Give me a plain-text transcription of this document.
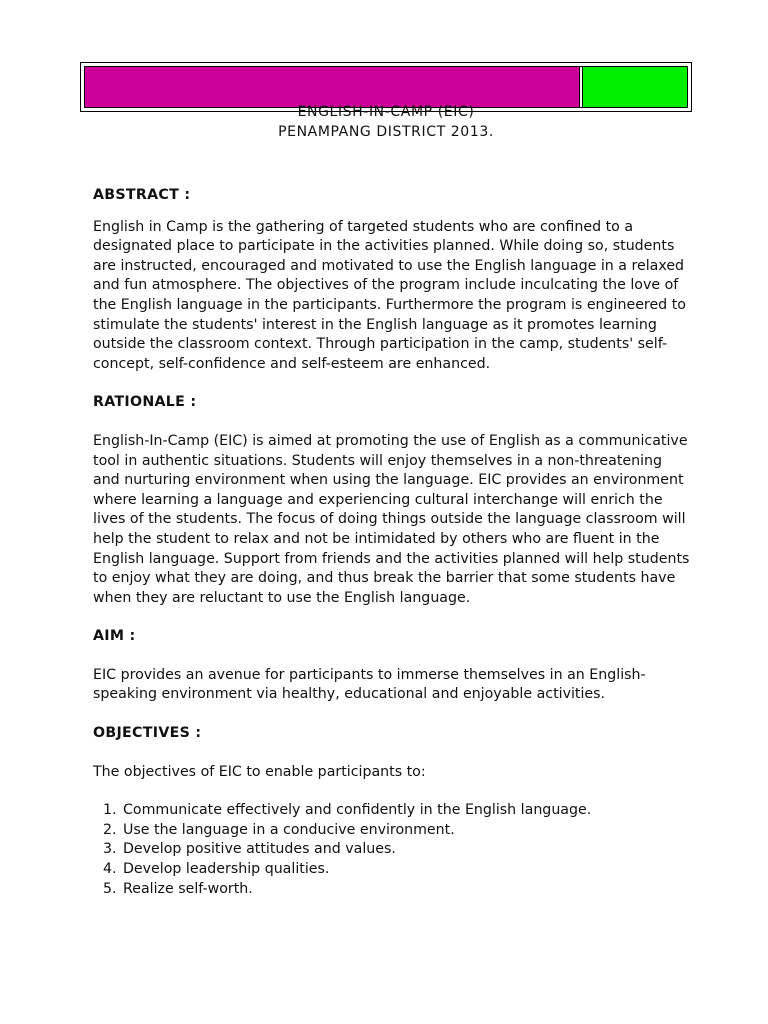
ENGLISH-IN-CAMP (EIC)
PENAMPANG DISTRICT 2013.

ABSTRACT :

English in Camp is the gathering of targeted students who are confined to a designated place to participate in the activities planned. While doing so, students are instructed, encouraged and motivated to use the English language in a relaxed and fun atmosphere. The objectives of the program include inculcating the love of the English language in the participants. Furthermore the program is engineered to stimulate the students' interest in the English language as it promotes learning outside the classroom context. Through participation in the camp, students' self-concept, self-confidence and self-esteem are enhanced.

RATIONALE :

English-In-Camp (EIC) is aimed at promoting the use of English as a communicative tool in authentic situations. Students will enjoy themselves in a non-threatening and nurturing environment when using the language. EIC provides an environment where learning a language and experiencing cultural interchange will enrich the lives of the students. The focus of doing things outside the language classroom will help the student to relax and not be intimidated by others who are fluent in the English language. Support from friends and the activities planned will help students to enjoy what they are doing, and thus break the barrier that some students have when they are reluctant to use the English language.

AIM :

EIC provides an avenue for participants to immerse themselves in an English-speaking environment via healthy, educational and enjoyable activities.

OBJECTIVES :

The objectives of EIC to enable participants to:

1. Communicate effectively and confidently in the English language.
2. Use the language in a conducive environment.
3. Develop positive attitudes and values.
4. Develop leadership qualities.
5. Realize self-worth.
